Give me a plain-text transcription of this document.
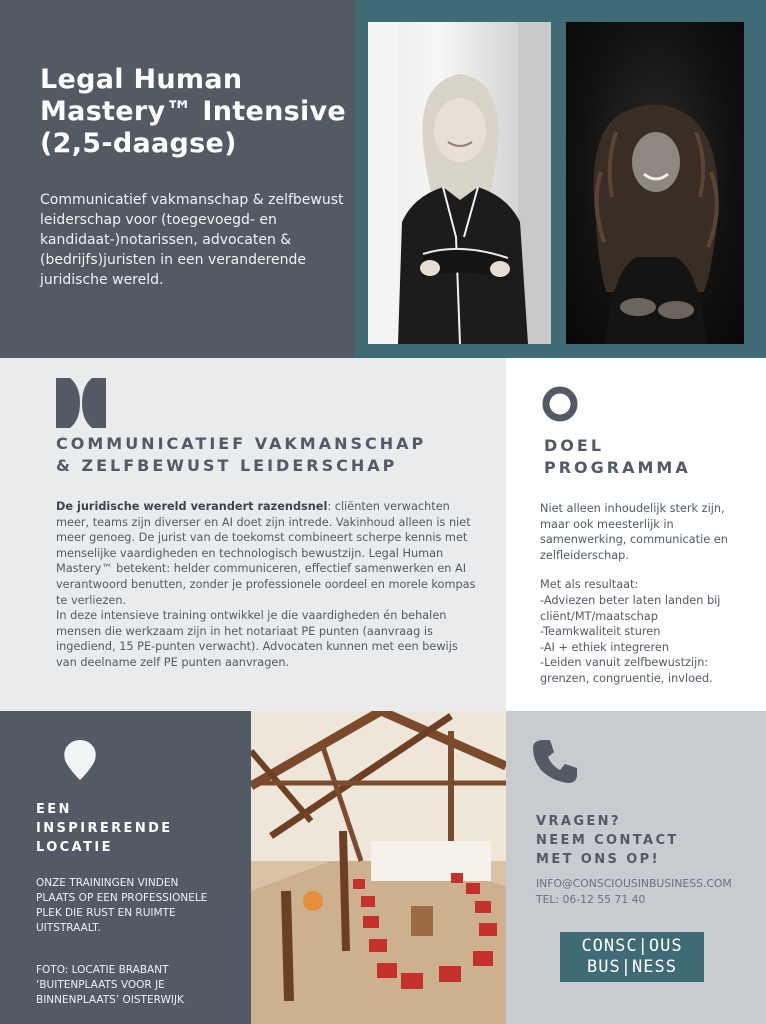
Legal Human
Mastery™ Intensive
(2,5-daagse)
Communicatief vakmanschap & zelfbewust leiderschap voor (toegevoegd- en kandidaat-)notarissen, advocaten & (bedrijfs)juristen in een veranderende juridische wereld.
COMMUNICATIEF VAKMANSCHAP
& ZELFBEWUST LEIDERSCHAP

De juridische wereld verandert razendsnel: cliënten verwachten meer, teams zijn diverser en AI doet zijn intrede. Vakinhoud alleen is niet meer genoeg. De jurist van de toekomst combineert scherpe kennis met menselijke vaardigheden en technologisch bewustzijn. Legal Human Mastery™ betekent: helder communiceren, effectief samenwerken en AI verantwoord benutten, zonder je professionele oordeel en morele kompas te verliezen.

In deze intensieve training ontwikkel je die vaardigheden én behalen mensen die werkzaam zijn in het notariaat PE punten (aanvraag is ingediend, 15 PE-punten verwacht). Advocaten kunnen met een bewijs van deelname zelf PE punten aanvragen.

DOEL
PROGRAMMA

Niet alleen inhoudelijk sterk zijn, maar ook meesterlijk in samenwerking, communicatie en zelfleiderschap.

Met als resultaat:

-Adviezen beter laten landen bij cliënt/MT/maatschap

-Teamkwaliteit sturen

-AI + ethiek integreren

-Leiden vanuit zelfbewustzijn: grenzen, congruentie, invloed.

EEN
INSPIRERENDE
LOCATIE
ONZE TRAININGEN VINDEN PLAATS OP EEN PROFESSIONELE PLEK DIE RUST EN RUIMTE UITSTRAALT.
FOTO: LOCATIE BRABANT ‘BUITENPLAATS VOOR JE BINNENPLAATS’ OISTERWIJK
VRAGEN?
NEEM CONTACT
MET ONS OP!
INFO@CONSCIOUSINBUSINESS.COM
TEL: 06-12 55 71 40
CONSC|OUS
BUS|NESS
